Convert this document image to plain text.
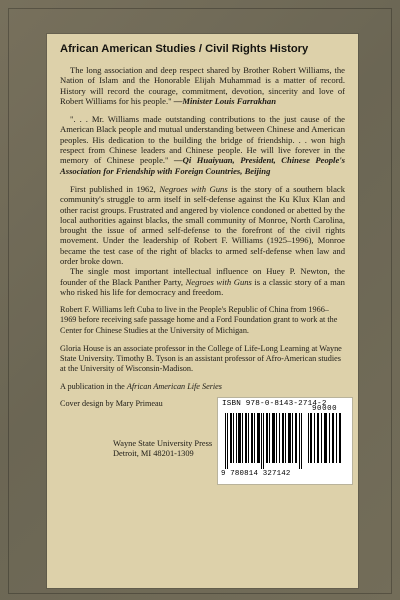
African American Studies / Civil Rights History

The long association and deep respect shared by Brother Robert Williams, the Nation of Islam and the Honorable Elijah Muhammad is a matter of record. History will record the courage, commitment, devotion, sincerity and love of Robert Williams for his people." —Minister Louis Farrakhan

". . . Mr. Williams made outstanding contributions to the just cause of the American Black people and mutual understanding between Chinese and American peoples. His dedication to the building the bridge of friendship. . . won high respect from Chinese leaders and Chinese people. He will live forever in the memory of Chinese people." —Qi Huaiyuan, President, Chinese People's Association for Friendship with Foreign Countries, Beijing

First published in 1962, Negroes with Guns is the story of a southern black community's struggle to arm itself in self-defense against the Ku Klux Klan and other racist groups. Frustrated and angered by violence condoned or abetted by the local authorities against blacks, the small community of Monroe, North Carolina, brought the issue of armed self-defense to the forefront of the civil rights movement. Under the leadership of Robert F. Williams (1925–1996), Monroe became the test case of the right of blacks to armed self-defense when law and order broke down.

The single most important intellectual influence on Huey P. Newton, the founder of the Black Panther Party, Negroes with Guns is a classic story of a man who risked his life for democracy and freedom.

Robert F. Williams left Cuba to live in the People's Republic of China from 1966–1969 before receiving safe passage home and a Ford Foundation grant to work at the Center for Chinese Studies at the University of Michigan.

Gloria House is an associate professor in the College of Life-Long Learning at Wayne State University. Timothy B. Tyson is an assistant professor of Afro-American studies at the University of Wisconsin-Madison.

A publication in the African American Life Series

Cover design by Mary Primeau
Wayne State University Press
Detroit, MI 48201-1309
ISBN 978-0-8143-2714-2
90000
9 780814 327142
